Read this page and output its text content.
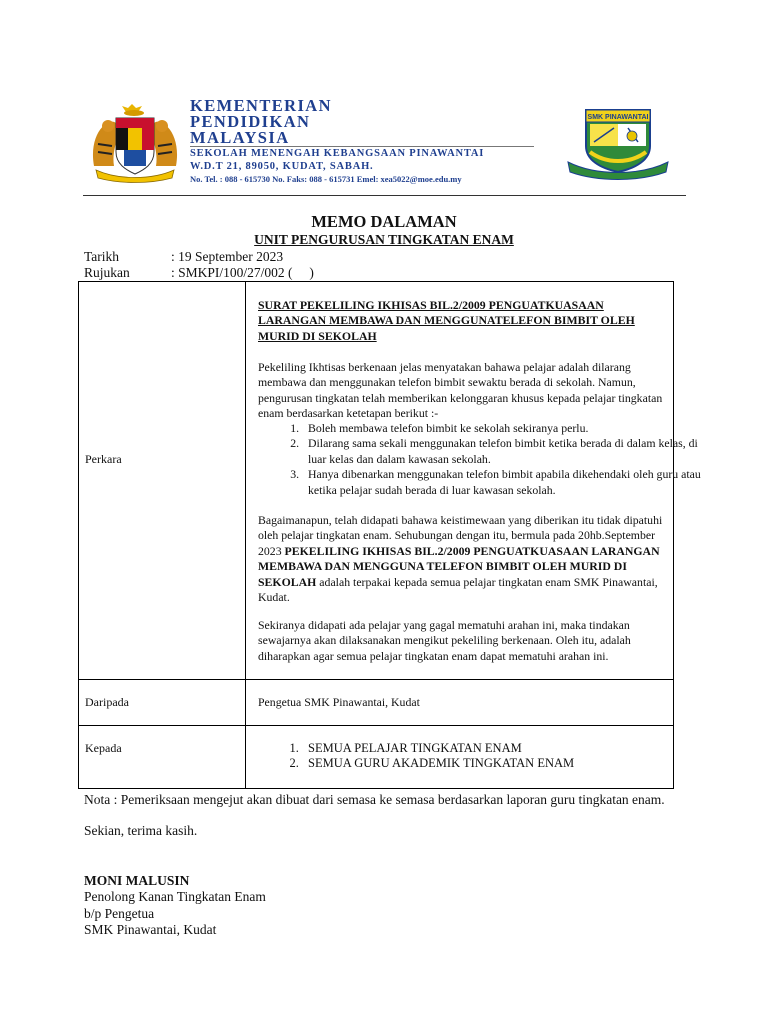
KEMENTERIAN
PENDIDIKAN
MALAYSIA
SEKOLAH MENENGAH KEBANGSAAN PINAWANTAI
W.D.T 21, 89050, KUDAT, SABAH.
No. Tel. : 088 - 615730 No. Faks: 088 - 615731 Emel: xea5022@moe.edu.my
SMK PINAWANTAI
MEMO DALAMAN
UNIT PENGURUSAN TINGKATAN ENAM
Tarikh	: 19 September 2023
Rujukan	: SMKPI/100/27/002 (     )
Perkara
SURAT PEKELILING IKHISAS BIL.2/2009 PENGUATKUASAAN LARANGAN MEMBAWA DAN MENGGUNATELEFON BIMBIT OLEH MURID DI SEKOLAH
Pekeliling Ikhtisas berkenaan jelas menyatakan bahawa pelajar adalah dilarang membawa dan menggunakan telefon bimbit sewaktu berada di sekolah. Namun, pengurusan tingkatan telah memberikan kelonggaran khusus kepada pelajar tingkatan enam berdasarkan ketetapan berikut :-
1. Boleh membawa telefon bimbit ke sekolah sekiranya perlu.
2. Dilarang sama sekali menggunakan telefon bimbit ketika berada di dalam kelas, di luar kelas dan dalam kawasan sekolah.
3. Hanya dibenarkan menggunakan telefon bimbit apabila dikehendaki oleh guru atau ketika pelajar sudah berada di luar kawasan sekolah.
Bagaimanapun, telah didapati bahawa keistimewaan yang diberikan itu tidak dipatuhi oleh pelajar tingkatan enam. Sehubungan dengan itu, bermula pada 20hb.September 2023 PEKELILING IKHISAS BIL.2/2009 PENGUATKUASAAN LARANGAN MEMBAWA DAN MENGGUNA TELEFON BIMBIT OLEH MURID DI SEKOLAH adalah terpakai kepada semua pelajar tingkatan enam SMK Pinawantai, Kudat.
Sekiranya didapati ada pelajar yang gagal mematuhi arahan ini, maka tindakan sewajarnya akan dilaksanakan mengikut pekeliling berkenaan. Oleh itu, adalah diharapkan agar semua pelajar tingkatan enam dapat mematuhi arahan ini.
Daripada	Pengetua SMK Pinawantai, Kudat
Kepada
1.	SEMUA PELAJAR TINGKATAN ENAM
2. SEMUA GURU AKADEMIK TINGKATAN ENAM
Nota : Pemeriksaan mengejut akan dibuat dari semasa ke semasa berdasarkan laporan guru tingkatan enam.
Sekian, terima kasih.
MONI MALUSIN
Penolong Kanan Tingkatan Enam
b/p Pengetua
SMK Pinawantai, Kudat
